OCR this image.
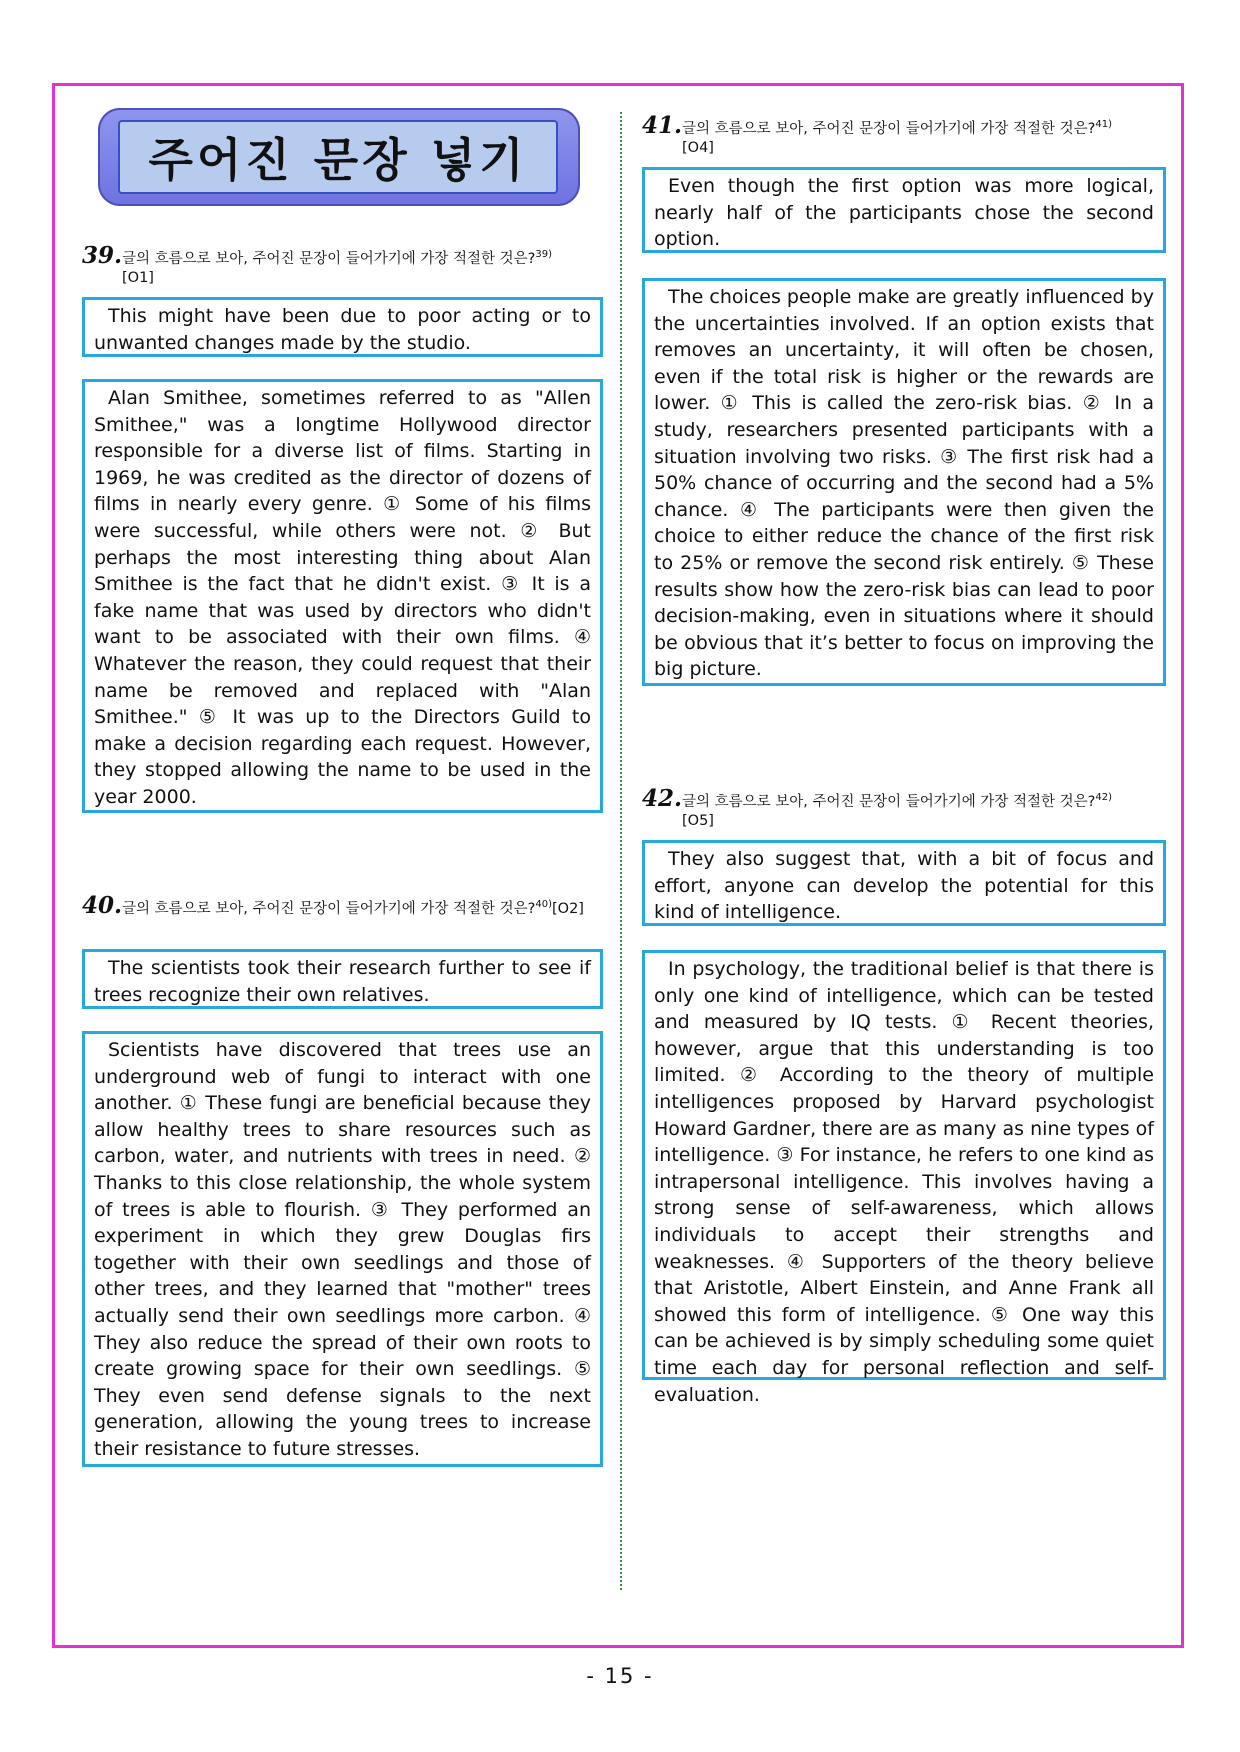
주어진 문장 넣기
39. 글의 흐름으로 보아, 주어진 문장이 들어가기에 가장 적절한 것은?$^{39)}$
[O1]

This might have been due to poor acting or to unwanted changes made by the studio.

Alan Smithee, sometimes referred to as "Allen Smithee," was a longtime Hollywood director responsible for a diverse list of films. Starting in 1969, he was credited as the director of dozens of films in nearly every genre. ① Some of his films were successful, while others were not. ② But perhaps the most interesting thing about Alan Smithee is the fact that he didn't exist. ③ It is a fake name that was used by directors who didn't want to be associated with their own films. ④ Whatever the reason, they could request that their name be removed and replaced with "Alan Smithee." ⑤ It was up to the Directors Guild to make a decision regarding each request. However, they stopped allowing the name to be used in the year 2000.

40. 글의 흐름으로 보아, 주어진 문장이 들어가기에 가장 적절한 것은?$^{40)}$[O2]

The scientists took their research further to see if trees recognize their own relatives.

Scientists have discovered that trees use an underground web of fungi to interact with one another. ① These fungi are beneficial because they allow healthy trees to share resources such as carbon, water, and nutrients with trees in need. ② Thanks to this close relationship, the whole system of trees is able to flourish. ③ They performed an experiment in which they grew Douglas firs together with their own seedlings and those of other trees, and they learned that "mother" trees actually send their own seedlings more carbon. ④ They also reduce the spread of their own roots to create growing space for their own seedlings. ⑤ They even send defense signals to the next generation, allowing the young trees to increase their resistance to future stresses.

41. 글의 흐름으로 보아, 주어진 문장이 들어가기에 가장 적절한 것은?$^{41)}$
[O4]

Even though the first option was more logical, nearly half of the participants chose the second option.

The choices people make are greatly influenced by the uncertainties involved. If an option exists that removes an uncertainty, it will often be chosen, even if the total risk is higher or the rewards are lower. ① This is called the zero-risk bias. ② In a study, researchers presented participants with a situation involving two risks. ③ The first risk had a 50% chance of occurring and the second had a 5% chance. ④ The participants were then given the choice to either reduce the chance of the first risk to 25% or remove the second risk entirely. ⑤ These results show how the zero-risk bias can lead to poor decision-making, even in situations where it should be obvious that it’s better to focus on improving the big picture.

42. 글의 흐름으로 보아, 주어진 문장이 들어가기에 가장 적절한 것은?$^{42)}$
[O5]

They also suggest that, with a bit of focus and effort, anyone can develop the potential for this kind of intelligence.

In psychology, the traditional belief is that there is only one kind of intelligence, which can be tested and measured by IQ tests. ① Recent theories, however, argue that this understanding is too limited. ② According to the theory of multiple intelligences proposed by Harvard psychologist Howard Gardner, there are as many as nine types of intelligence. ③ For instance, he refers to one kind as intrapersonal intelligence. This involves having a strong sense of self-awareness, which allows individuals to accept their strengths and weaknesses. ④ Supporters of the theory believe that Aristotle, Albert Einstein, and Anne Frank all showed this form of intelligence. ⑤ One way this can be achieved is by simply scheduling some quiet time each day for personal reflection and self-evaluation.

- 15 -
